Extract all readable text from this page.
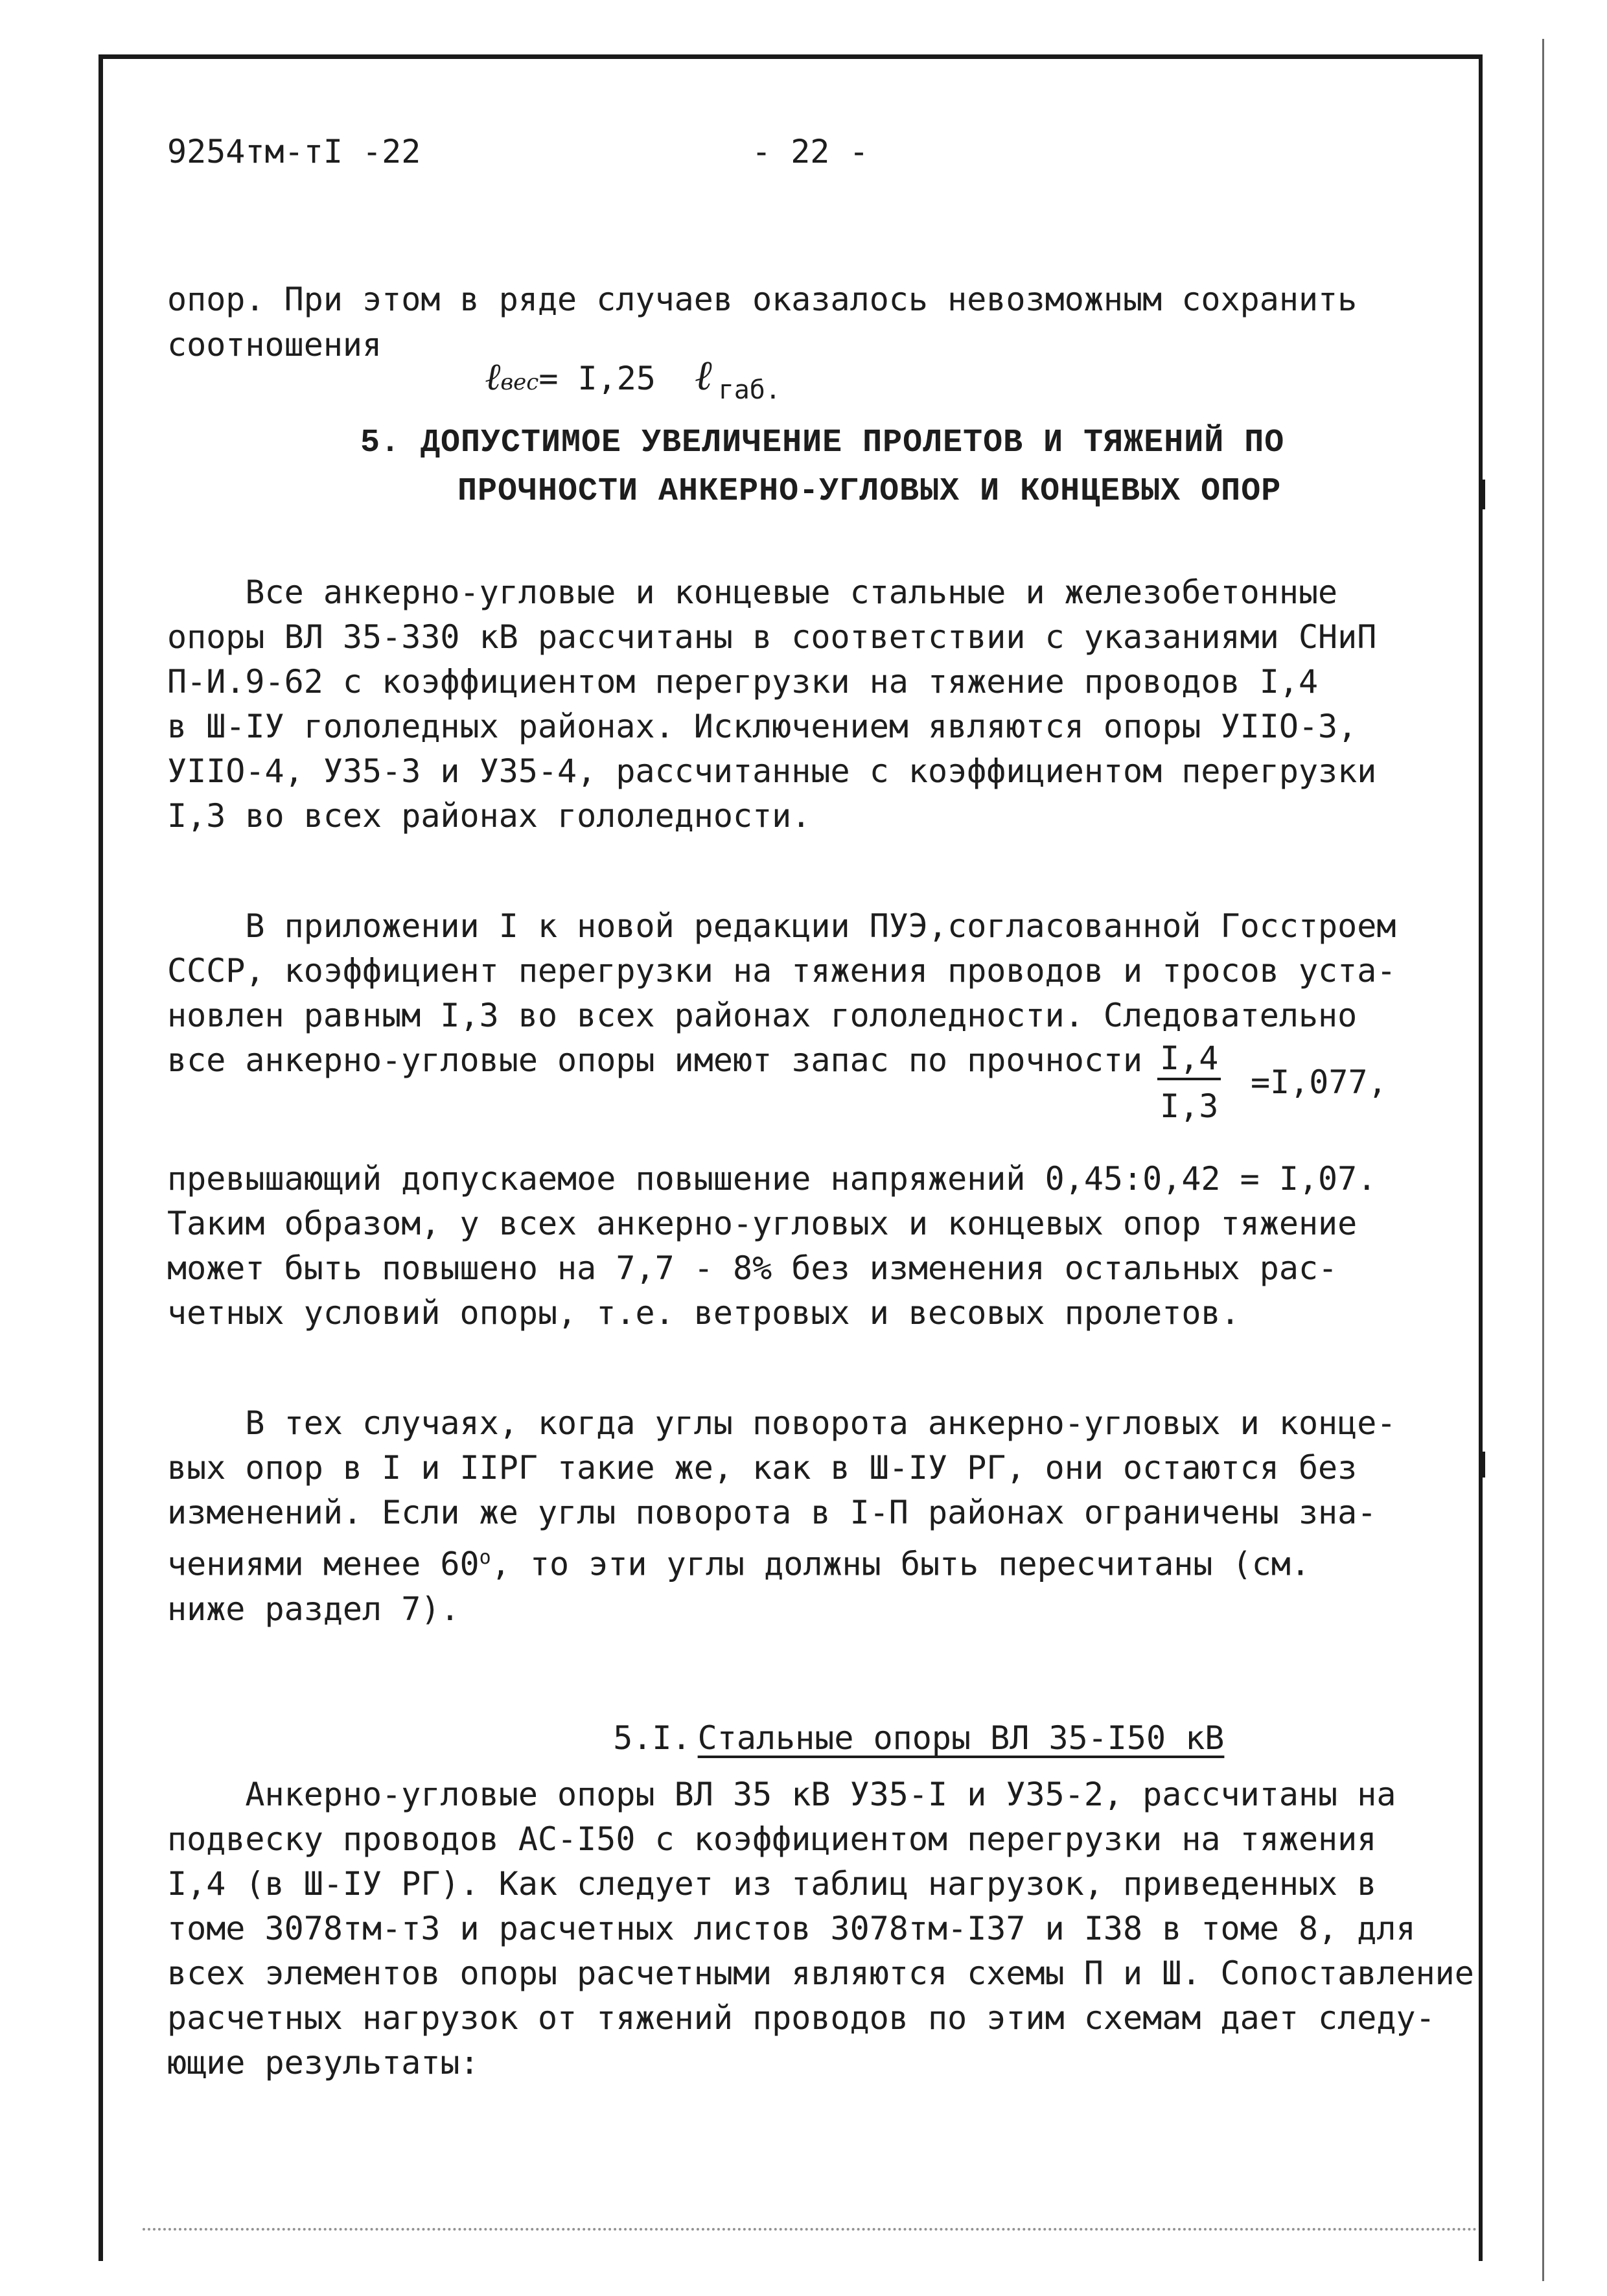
9254тм-тI -22	- 22 -
опор. При этом в ряде случаев оказалось невозможным сохранить
соотношения

ℓвес= I,25 ℓ $_{габ.}$

5. ДОПУСТИМОЕ УВЕЛИЧЕНИЕ ПРОЛЕТОВ И ТЯЖЕНИЙ ПО
ПРОЧНОСТИ АНКЕРНО-УГЛОВЫХ И КОНЦЕВЫХ ОПОР
Все анкерно-угловые и концевые стальные и железобетонные
опоры ВЛ 35-330 кВ рассчитаны в соответствии с указаниями СНиП
П-И.9-62 с коэффициентом перегрузки на тяжение проводов I,4
в Ш-IУ гололедных районах. Исключением являются опоры УIIО-3,
УIIО-4, У35-3 и У35-4, рассчитанные с коэффициентом перегрузки
I,3 во всех районах гололедности.
В приложении I к новой редакции ПУЭ,согласованной Госстроем
СССР, коэффициент перегрузки на тяжения проводов и тросов уста-
новлен равным I,3 во всех районах гололедности. Следовательно
все анкерно-угловые опоры имеют запас по прочности $\frac{I,4}{I,3} =I,077$,
превышающий допускаемое повышение напряжений 0,45:0,42 = I,07.
Таким образом, у всех анкерно-угловых и концевых опор тяжение
может быть повышено на 7,7 - 8% без изменения остальных рас-
четных условий опоры, т.е. ветровых и весовых пролетов.
В тех случаях, когда углы поворота анкерно-угловых и конце-
вых опор в I и IIРГ такие же, как в Ш-IУ РГ, они остаются без
изменений. Если же углы поворота в I-П районах ограничены зна-
чениями менее $60^о$, то эти углы должны быть пересчитаны (см.
ниже раздел 7).

5.I. Стальные опоры ВЛ 35-I50 кВ

Анкерно-угловые опоры ВЛ 35 кВ У35-I и У35-2, рассчитаны на
подвеску проводов АС-I50 с коэффициентом перегрузки на тяжения
I,4 (в Ш-IУ РГ). Как следует из таблиц нагрузок, приведенных в
томе 3078тм-т3 и расчетных листов 3078тм-I37 и I38 в томе 8, для
всех элементов опоры расчетными являются схемы П и Ш. Сопоставление
расчетных нагрузок от тяжений проводов по этим схемам дает следу-
ющие результаты:
